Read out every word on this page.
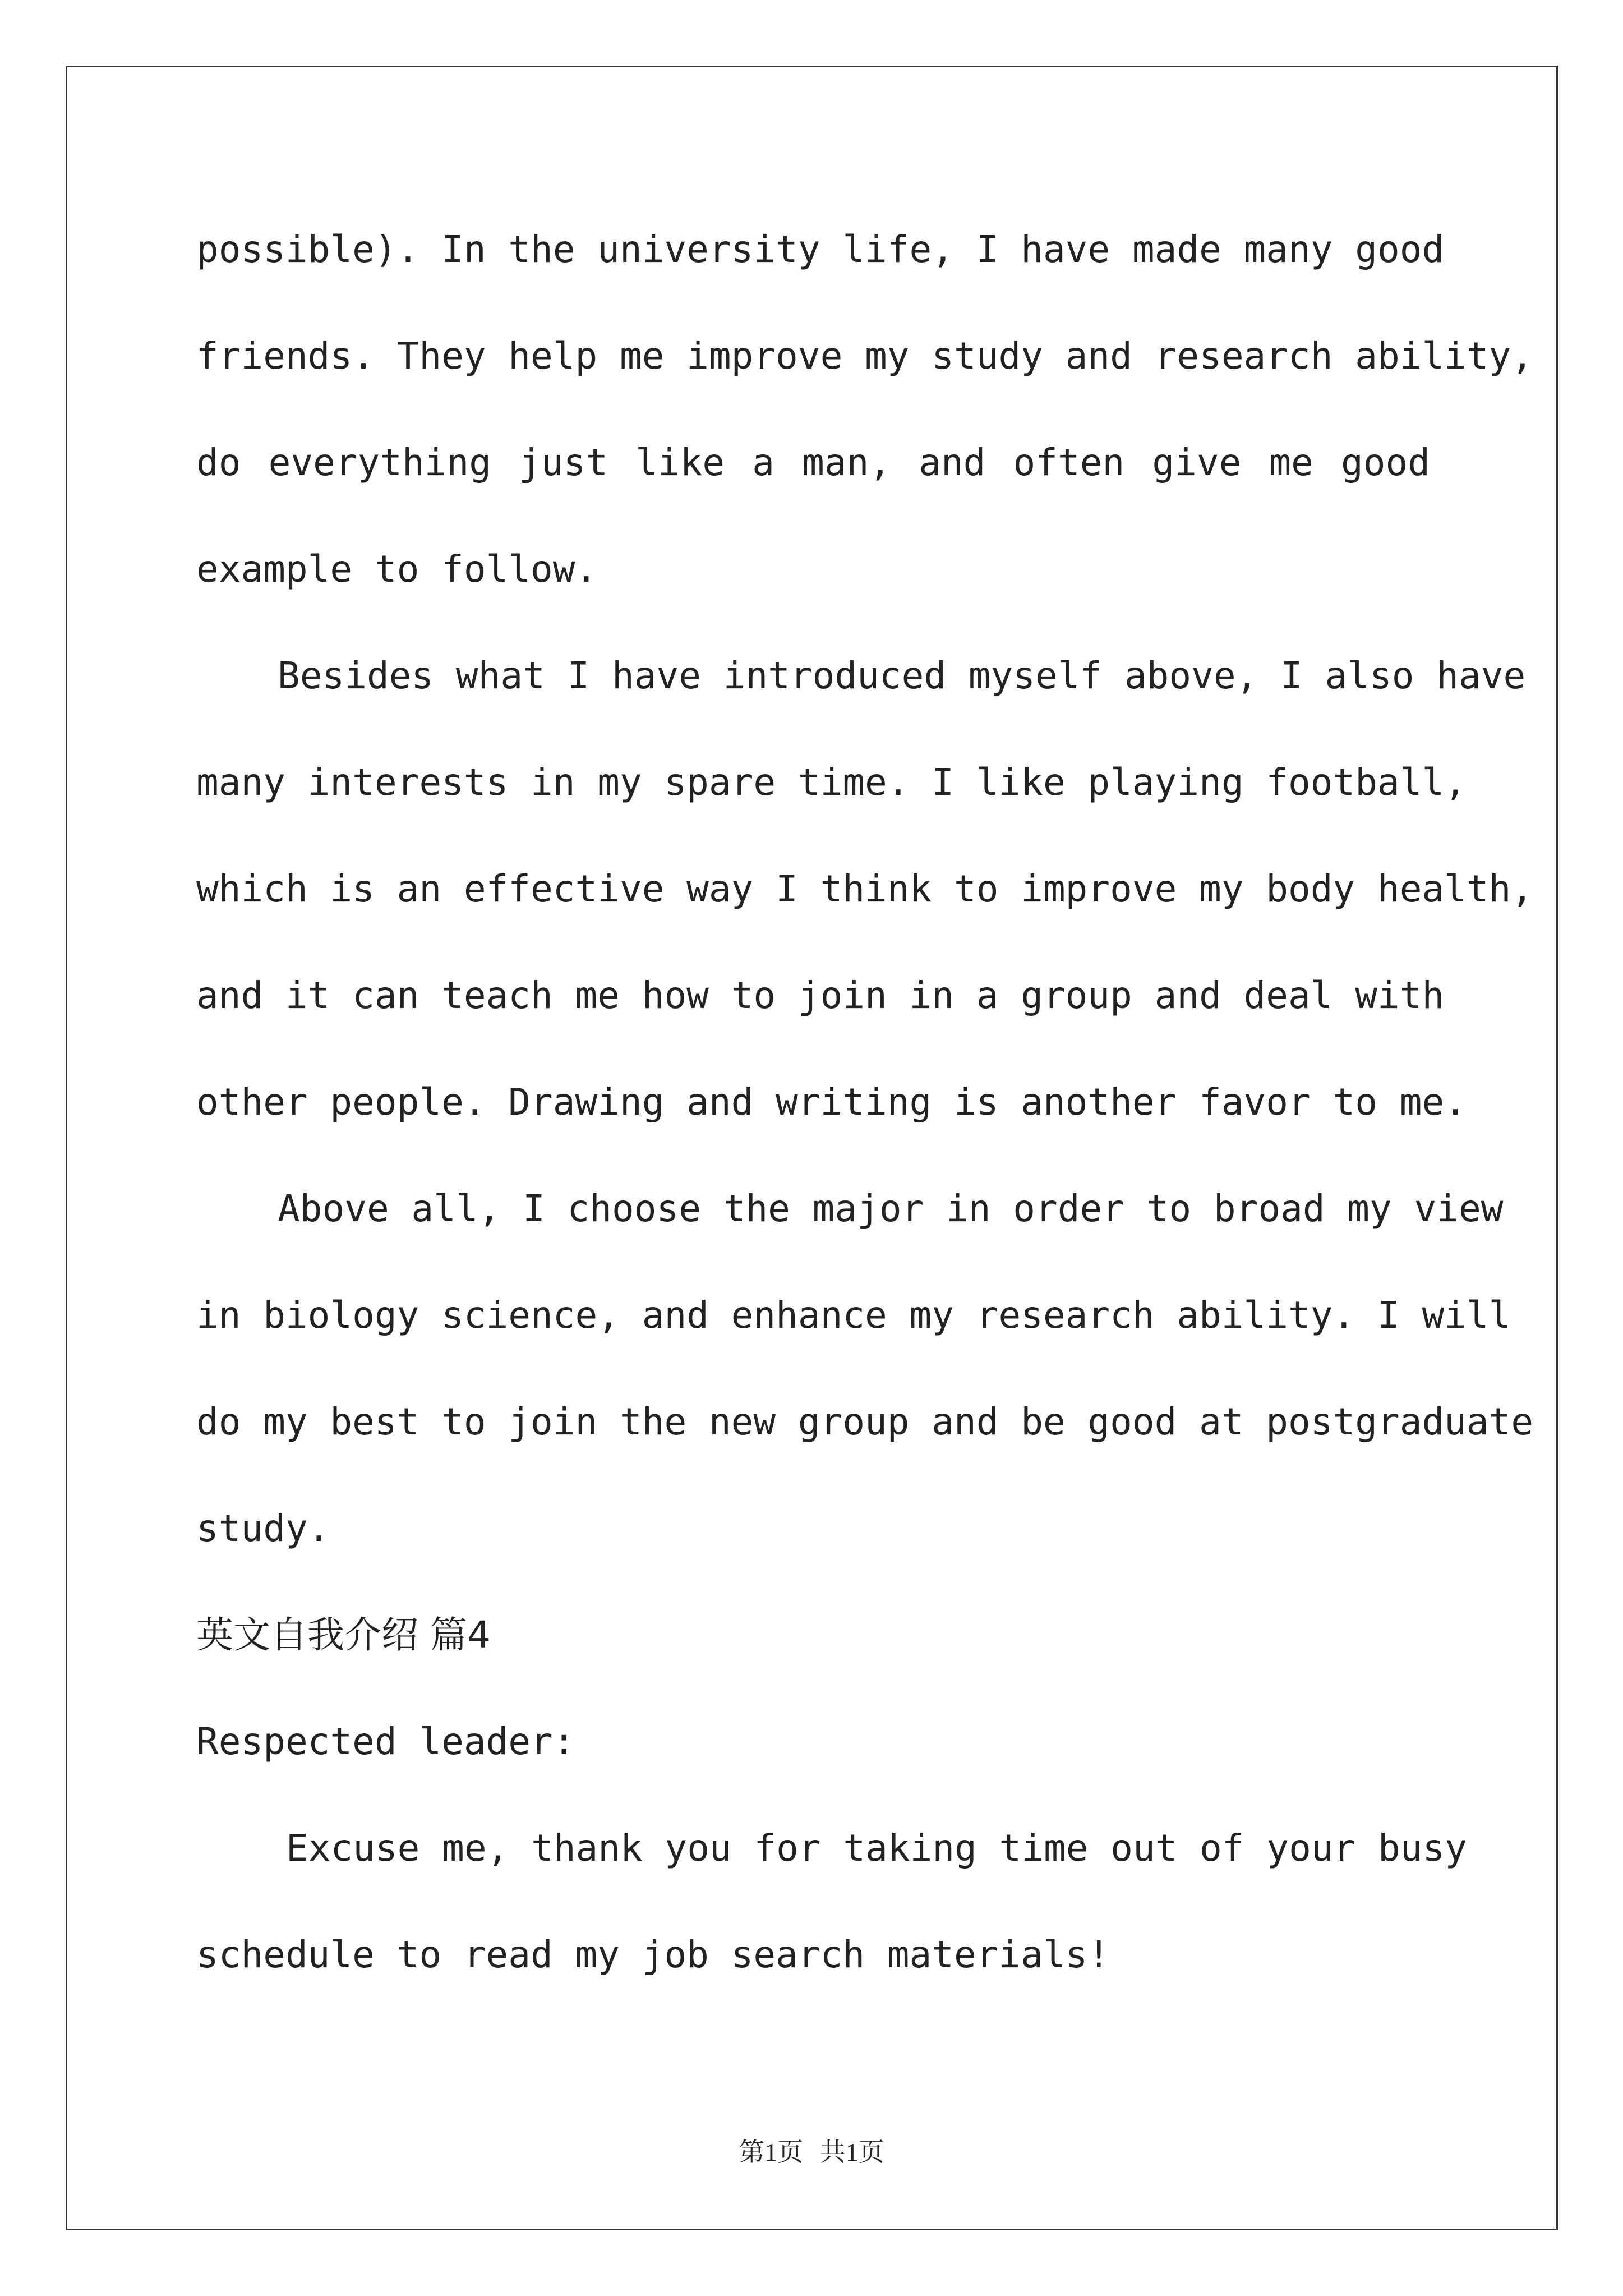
possible). In the university life, I have made many good
friends. They help me improve my study and research ability,
do everything just like a man, and often give me good
example to follow.
Besides what I have introduced myself above, I also have
many interests in my spare time. I like playing football,
which is an effective way I think to improve my body health,
and it can teach me how to join in a group and deal with
other people. Drawing and writing is another favor to me.
Above all, I choose the major in order to broad my view
in biology science, and enhance my research ability. I will
do my best to join the new group and be good at postgraduate
study.
英文自我介绍 篇4
Respected leader:
Excuse me, thank you for taking time out of your busy
schedule to read my job search materials!
第1页 共1页
